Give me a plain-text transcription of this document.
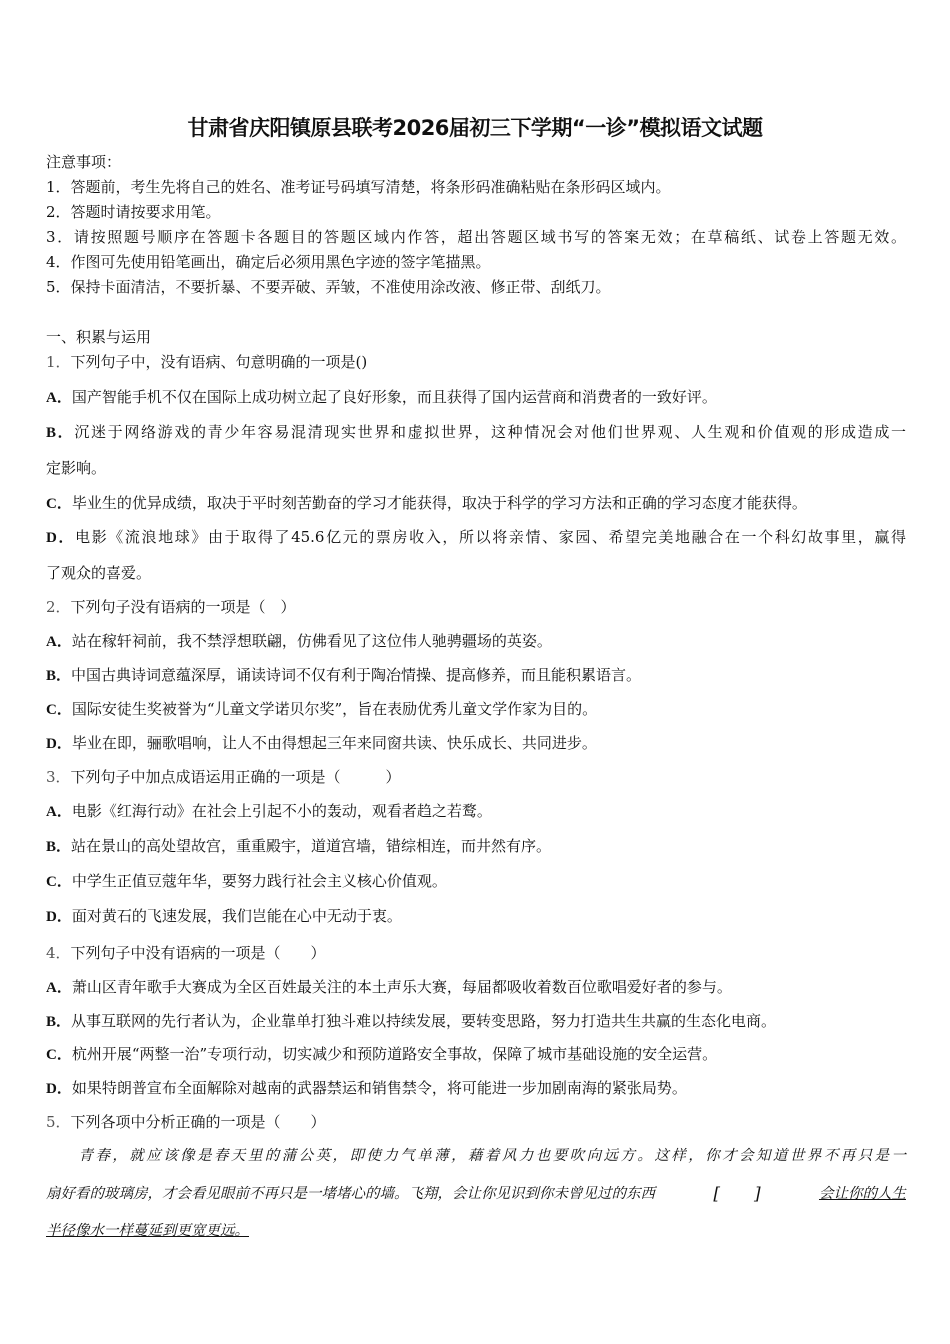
甘肃省庆阳镇原县联考2026届初三下学期“一诊”模拟语文试题
注意事项：
1．答题前，考生先将自己的姓名、准考证号码填写清楚，将条形码准确粘贴在条形码区域内。
2．答题时请按要求用笔。
3．请按照题号顺序在答题卡各题目的答题区域内作答，超出答题区域书写的答案无效；在草稿纸、试卷上答题无效。
4．作图可先使用铅笔画出，确定后必须用黑色字迹的签字笔描黑。
5．保持卡面清洁，不要折暴、不要弄破、弄皱，不准使用涂改液、修正带、刮纸刀。
一、积累与运用
1．下列句子中，没有语病、句意明确的一项是()
A．国产智能手机不仅在国际上成功树立起了良好形象，而且获得了国内运营商和消费者的一致好评。
B．沉迷于网络游戏的青少年容易混清现实世界和虚拟世界，这种情况会对他们世界观、人生观和价值观的形成造成一
定影响。
C．毕业生的优异成绩，取决于平时刻苦勤奋的学习才能获得，取决于科学的学习方法和正确的学习态度才能获得。
D．电影《流浪地球》由于取得了45.6亿元的票房收入，所以将亲情、家园、希望完美地融合在一个科幻故事里，赢得
了观众的喜爱。
2．下列句子没有语病的一项是（　）
A．站在稼轩祠前，我不禁浮想联翩，仿佛看见了这位伟人驰骋疆场的英姿。
B．中国古典诗词意蕴深厚，诵读诗词不仅有利于陶冶情操、提高修养，而且能积累语言。
C．国际安徒生奖被誉为“儿童文学诺贝尔奖”，旨在表励优秀儿童文学作家为目的。
D．毕业在即，骊歌唱响，让人不由得想起三年来同窗共读、快乐成长、共同进步。
3．下列句子中加点成语运用正确的一项是（　　　）
A．电影《红海行动》在社会上引起不小的轰动，观看者趋之若鹜。
B．站在景山的高处望故宫，重重殿宇，道道宫墙，错综相连，而井然有序。
C．中学生正值豆蔻年华，要努力践行社会主义核心价值观。
D．面对黄石的飞速发展，我们岂能在心中无动于衷。
4．下列句子中没有语病的一项是（　　）
A．萧山区青年歌手大赛成为全区百姓最关注的本土声乐大赛，每届都吸收着数百位歌唱爱好者的参与。
B．从事互联网的先行者认为，企业靠单打独斗难以持续发展，要转变思路，努力打造共生共赢的生态化电商。
C．杭州开展“两整一治”专项行动，切实减少和预防道路安全事故，保障了城市基础设施的安全运营。
D．如果特朗普宣布全面解除对越南的武器禁运和销售禁令，将可能进一步加剧南海的紧张局势。
5．下列各项中分析正确的一项是（　　）
青春，就应该像是春天里的蒲公英，即使力气单薄，藉着风力也要吹向远方。这样，你才会知道世界不再只是一
扇好看的玻璃房，才会看见眼前不再只是一堵堵心的墙。飞翔，会让你见识到你未曾见过的东西	[　　]	会让你的人生
半径像水一样蔓延到更宽更远。
